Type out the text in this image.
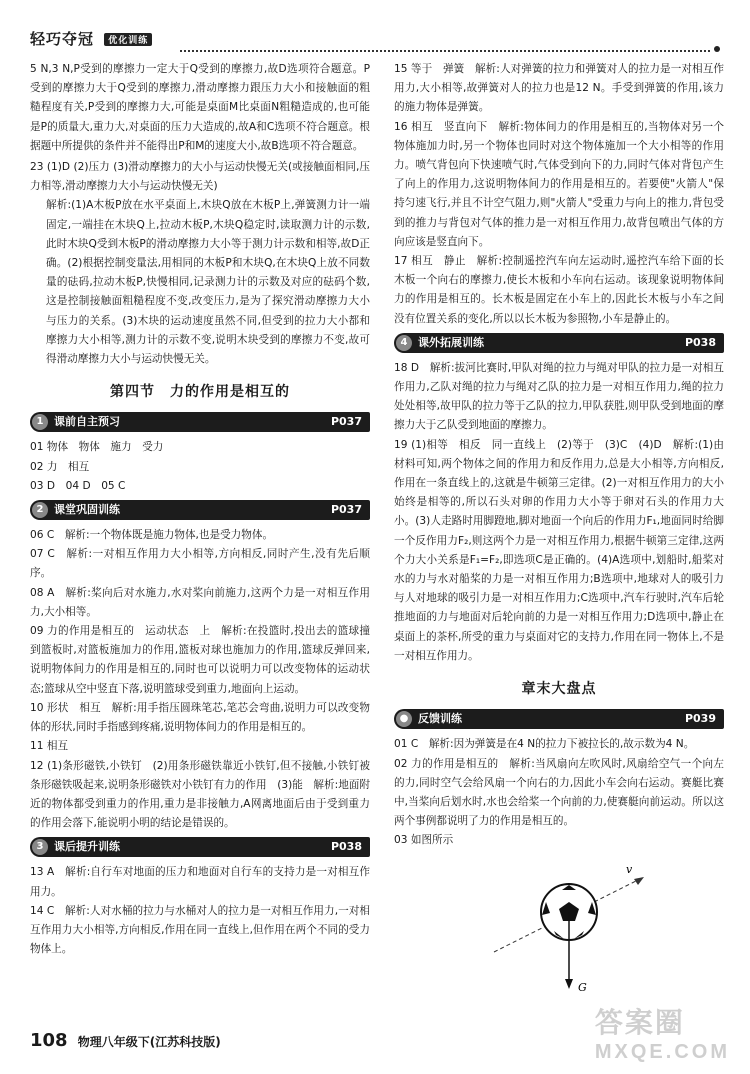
轻巧夺冠 优化训练

5 N,3 N,P受到的摩擦力一定大于Q受到的摩擦力,故D选项符合题意。P受到的摩擦力大于Q受到的摩擦力,滑动摩擦力跟压力大小和接触面的粗糙程度有关,P受到的摩擦力大,可能是桌面M比桌面N粗糙造成的,也可能是P的质量大,重力大,对桌面的压力大造成的,故A和C选项不符合题意。根据题中所提供的条件并不能得出P和M的速度大小,故B选项不符合题意。

23 (1)D (2)压力 (3)滑动摩擦力的大小与运动快慢无关(或接触面相同,压力相等,滑动摩擦力大小与运动快慢无关)

解析:(1)A木板P放在水平桌面上,木块Q放在木板P上,弹簧测力计一端固定,一端挂在木块Q上,拉动木板P,木块Q稳定时,读取测力计的示数,此时木块Q受到木板P的滑动摩擦力大小等于测力计示数和相等,故D正确。(2)根据控制变量法,用相同的木板P和木块Q,在木块Q上放不同数量的砝码,拉动木板P,快慢相同,记录测力计的示数及对应的砝码个数,这是控制接触面粗糙程度不变,改变压力,是为了探究滑动摩擦力大小与压力的关系。(3)木块的运动速度虽然不同,但受到的拉力大小都和摩擦力大小相等,测力计的示数不变,说明木块受到的摩擦力不变,故可得滑动摩擦力大小与运动快慢无关。

第四节　力的作用是相互的
1 课前自主预习	P037

01 物体　物体　施力　受力

02 力　相互

03 D　04 D　05 C

2 课堂巩固训练	P037

06 C　解析:一个物体既是施力物体,也是受力物体。

07 C　解析:一对相互作用力大小相等,方向相反,同时产生,没有先后顺序。

08 A　解析:桨向后对水施力,水对桨向前施力,这两个力是一对相互作用力,大小相等。

09 力的作用是相互的　运动状态　上　解析:在投篮时,投出去的篮球撞到篮板时,对篮板施加力的作用,篮板对球也施加力的作用,篮球反弹回来,说明物体间力的作用是相互的,同时也可以说明力可以改变物体的运动状态;篮球从空中竖直下落,说明篮球受到重力,地面向上运动。

10 形状　相互　解析:用手指压圆珠笔芯,笔芯会弯曲,说明力可以改变物体的形状,同时手指感到疼痛,说明物体间力的作用是相互的。

11 相互

12 (1)条形磁铁,小铁钉　(2)用条形磁铁靠近小铁钉,但不接触,小铁钉被条形磁铁吸起来,说明条形磁铁对小铁钉有力的作用　(3)能　解析:地面附近的物体都受到重力的作用,重力是非接触力,A网离地面后由于受到重力的作用会落下,能说明小明的结论是错误的。

3 课后提升训练	P038

13 A　解析:自行车对地面的压力和地面对自行车的支持力是一对相互作用力。

14 C　解析:人对水桶的拉力与水桶对人的拉力是一对相互作用力,一对相互作用力大小相等,方向相反,作用在同一直线上,但作用在两个不同的受力物体上。

15 等于　弹簧　解析:人对弹簧的拉力和弹簧对人的拉力是一对相互作用力,大小相等,故弹簧对人的拉力也是12 N。手受到弹簧的作用,该力的施力物体是弹簧。

16 相互　竖直向下　解析:物体间力的作用是相互的,当物体对另一个物体施加力时,另一个物体也同时对这个物体施加一个大小相等的作用力。喷气背包向下快速喷气时,气体受到向下的力,同时气体对背包产生了向上的作用力,这说明物体间力的作用是相互的。若要使"火箭人"保持匀速飞行,并且不计空气阻力,则"火箭人"受重力与向上的推力,背包受到的推力与背包对气体的推力是一对相互作用力,故背包喷出气体的方向应该是竖直向下。

17 相互　静止　解析:控制遥控汽车向左运动时,遥控汽车给下面的长木板一个向右的摩擦力,使长木板和小车向右运动。该现象说明物体间力的作用是相互的。长木板是固定在小车上的,因此长木板与小车之间没有位置关系的变化,所以以长木板为参照物,小车是静止的。

4 课外拓展训练	P038

18 D　解析:拔河比赛时,甲队对绳的拉力与绳对甲队的拉力是一对相互作用力,乙队对绳的拉力与绳对乙队的拉力是一对相互作用力,绳的拉力处处相等,故甲队的拉力等于乙队的拉力,甲队获胜,则甲队受到地面的摩擦力大于乙队受到地面的摩擦力。

19 (1)相等　相反　同一直线上　(2)等于　(3)C　(4)D　解析:(1)由材料可知,两个物体之间的作用力和反作用力,总是大小相等,方向相反,作用在一条直线上的,这就是牛顿第三定律。(2)一对相互作用力的大小始终是相等的,所以石头对卵的作用力大小等于卵对石头的作用力大小。(3)人走路时用脚蹬地,脚对地面一个向后的作用力F₁,地面同时给脚一个反作用力F₂,则这两个力是一对相互作用力,根据牛顿第三定律,这两个力大小关系是F₁=F₂,即选项C是正确的。(4)A选项中,划船时,船桨对水的力与水对船桨的力是一对相互作用力;B选项中,地球对人的吸引力与人对地球的吸引力是一对相互作用力;C选项中,汽车行驶时,汽车后轮推地面的力与地面对后轮向前的力是一对相互作用力;D选项中,静止在桌面上的茶杯,所受的重力与桌面对它的支持力,作用在同一物体上,不是一对相互作用力。

章末大盘点
● 反馈训练	P039

01 C　解析:因为弹簧是在4 N的拉力下被拉长的,故示数为4 N。

02 力的作用是相互的　解析:当风扇向左吹风时,风扇给空气一个向左的力,同时空气会给风扇一个向右的力,因此小车会向右运动。赛艇比赛中,当桨向后划水时,水也会给桨一个向前的力,使赛艇向前运动。所以这两个事例都说明了力的作用是相互的。

03 如图所示

v
G
108 物理八年级下(江苏科技版)
答案圈
MXQE.COM
